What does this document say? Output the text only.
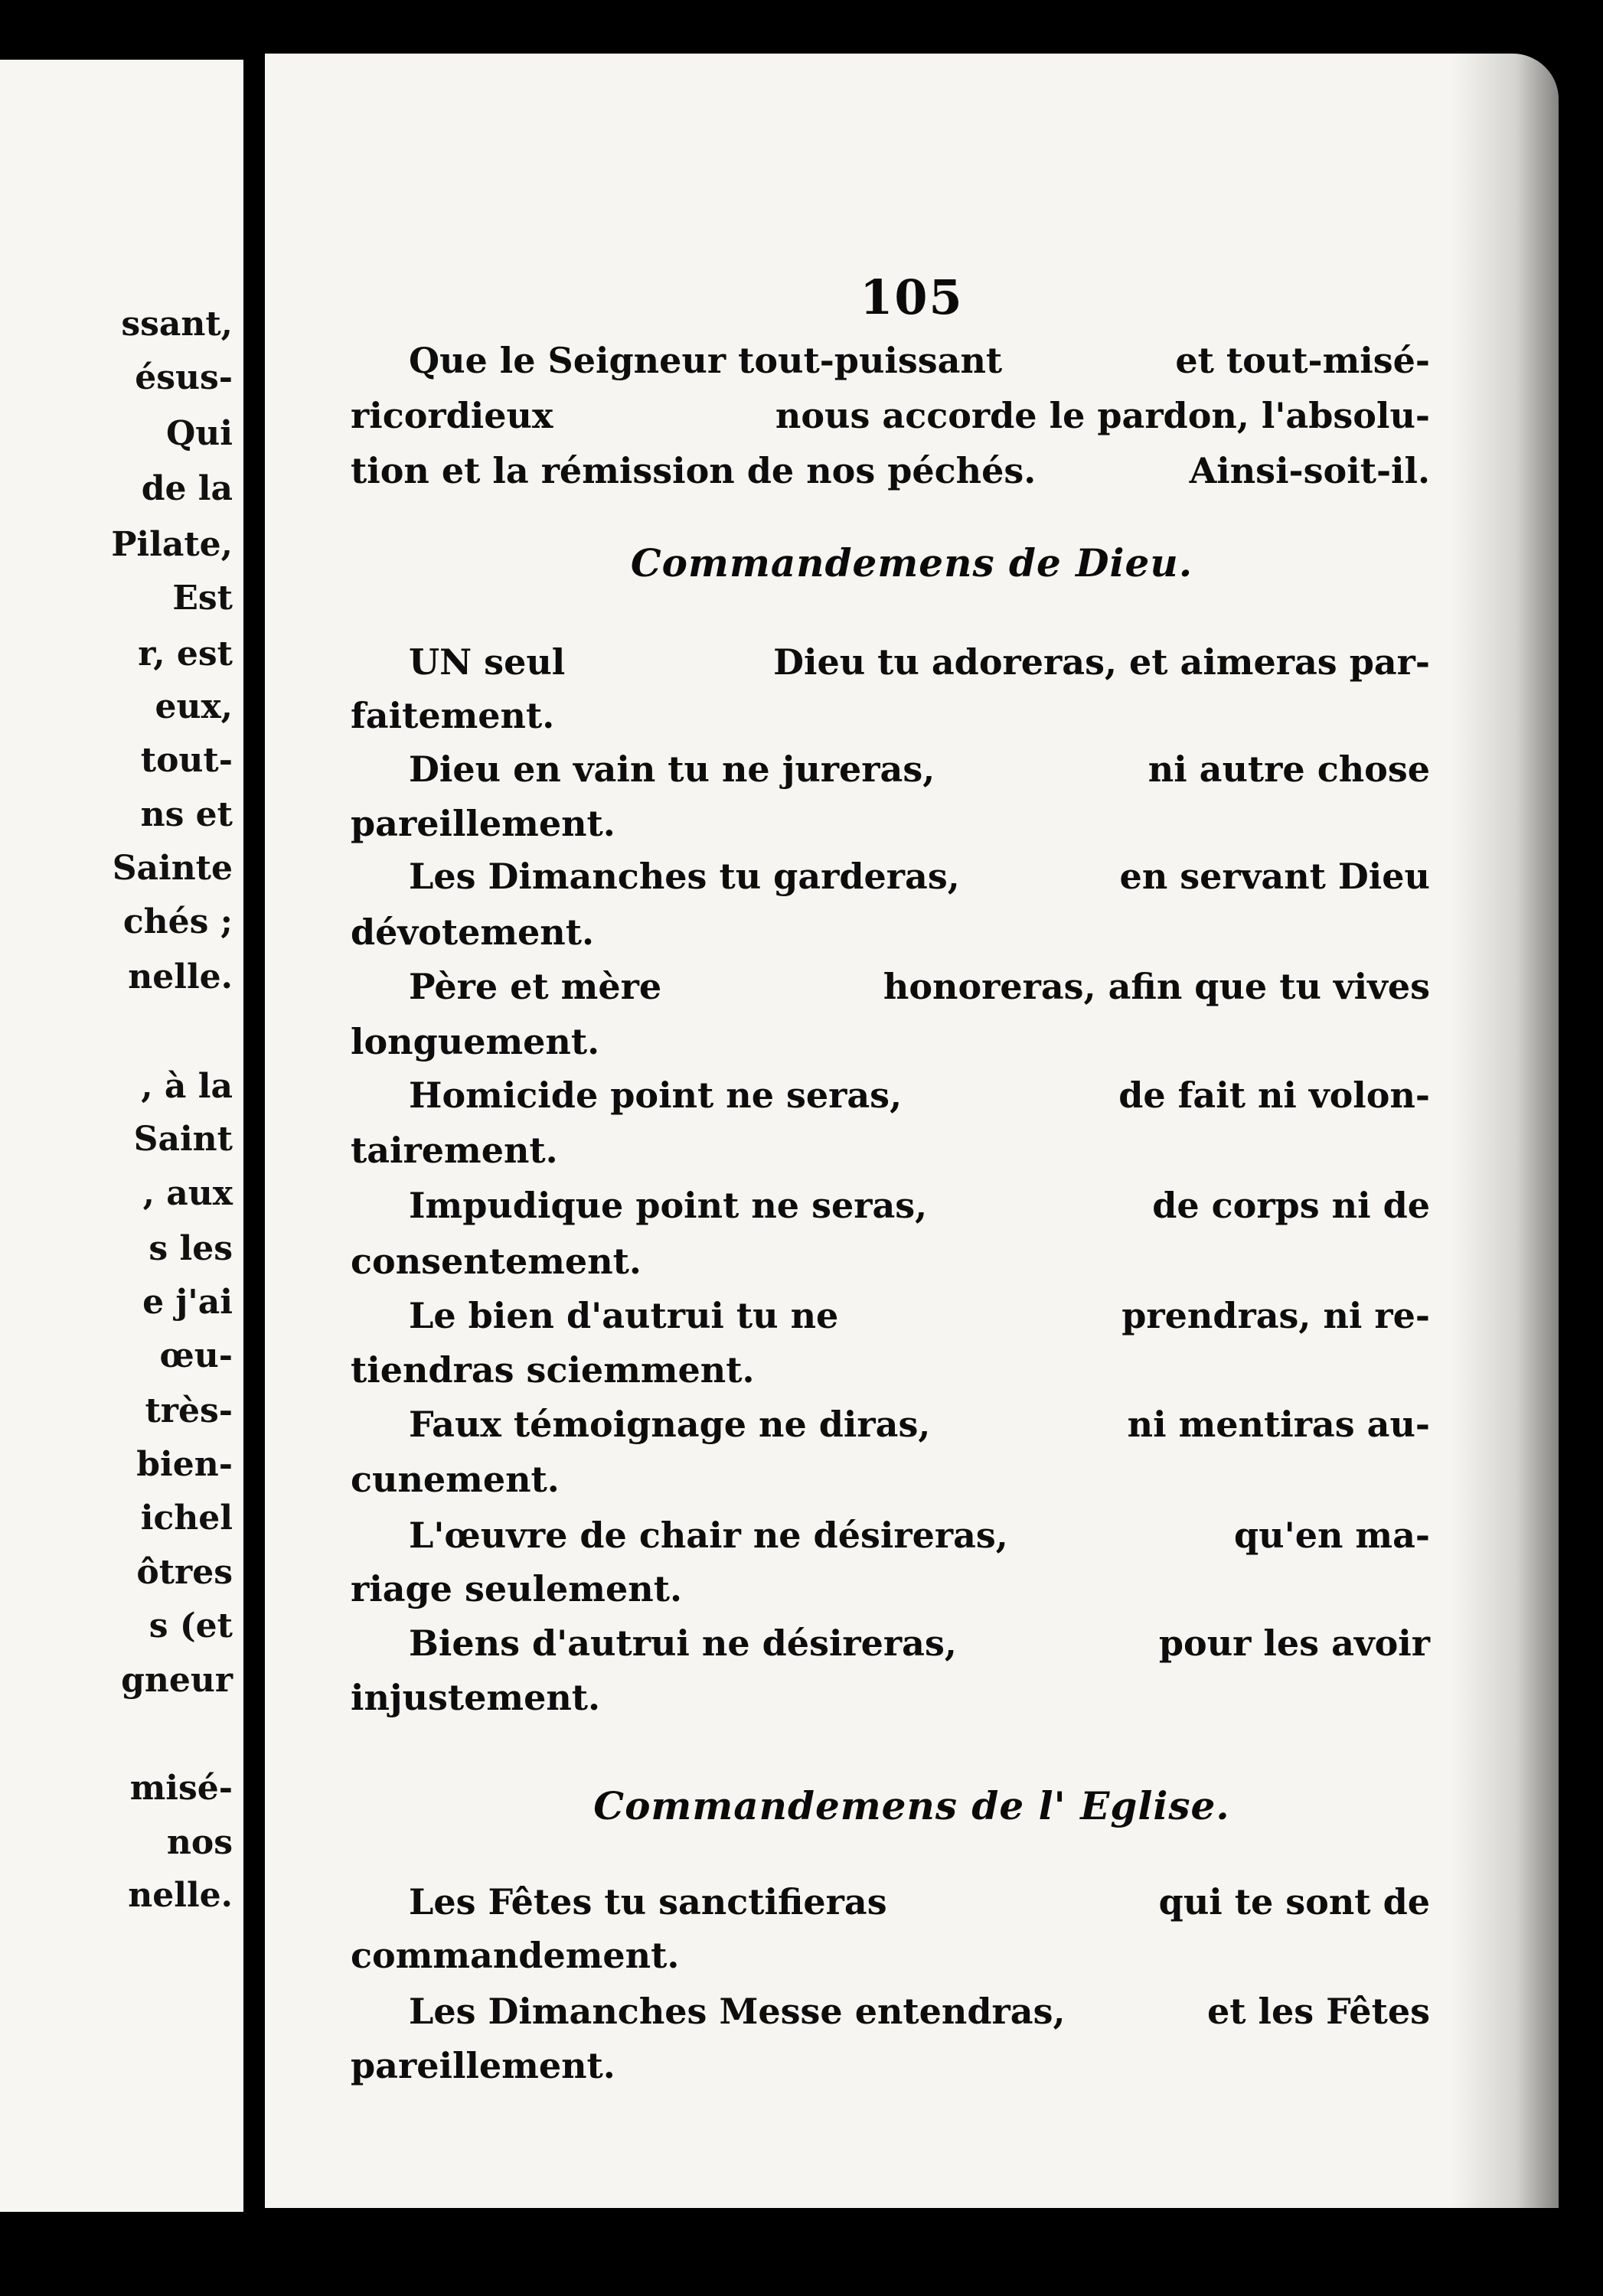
ssant,
ésus-
Qui
de la
Pilate,
Est
r, est
eux,
tout-
ns et
Sainte
chés ;
nelle.
, à la
Saint
, aux
s les
e j'ai
œu-
très-
bien-
ichel
ôtres
s (et
gneur
misé-
nos
nelle.
105
Que le Seigneur tout-puissant	et tout-misé-
ricordieux	nous accorde le pardon, l'absolu-
tion et la rémission de nos péchés.	Ainsi-soit-il.
Commandemens de Dieu.
UN seul	Dieu tu adoreras, et aimeras par-
faitement.
Dieu en vain tu ne jureras,	ni autre chose
pareillement.
Les Dimanches tu garderas,	en servant Dieu
dévotement.
Père et mère	honoreras, afin que tu vives
longuement.
Homicide point ne seras,	de fait ni volon-
tairement.
Impudique point ne seras,	de corps ni de
consentement.
Le bien d'autrui tu ne	prendras, ni re-
tiendras sciemment.
Faux témoignage ne diras,	ni mentiras au-
cunement.
L'œuvre de chair ne désireras,	qu'en ma-
riage seulement.
Biens d'autrui ne désireras,	pour les avoir
injustement.
Commandemens de l' Eglise.
Les Fêtes tu sanctifieras	qui te sont de
commandement.
Les Dimanches Messe entendras,	et les Fêtes
pareillement.
